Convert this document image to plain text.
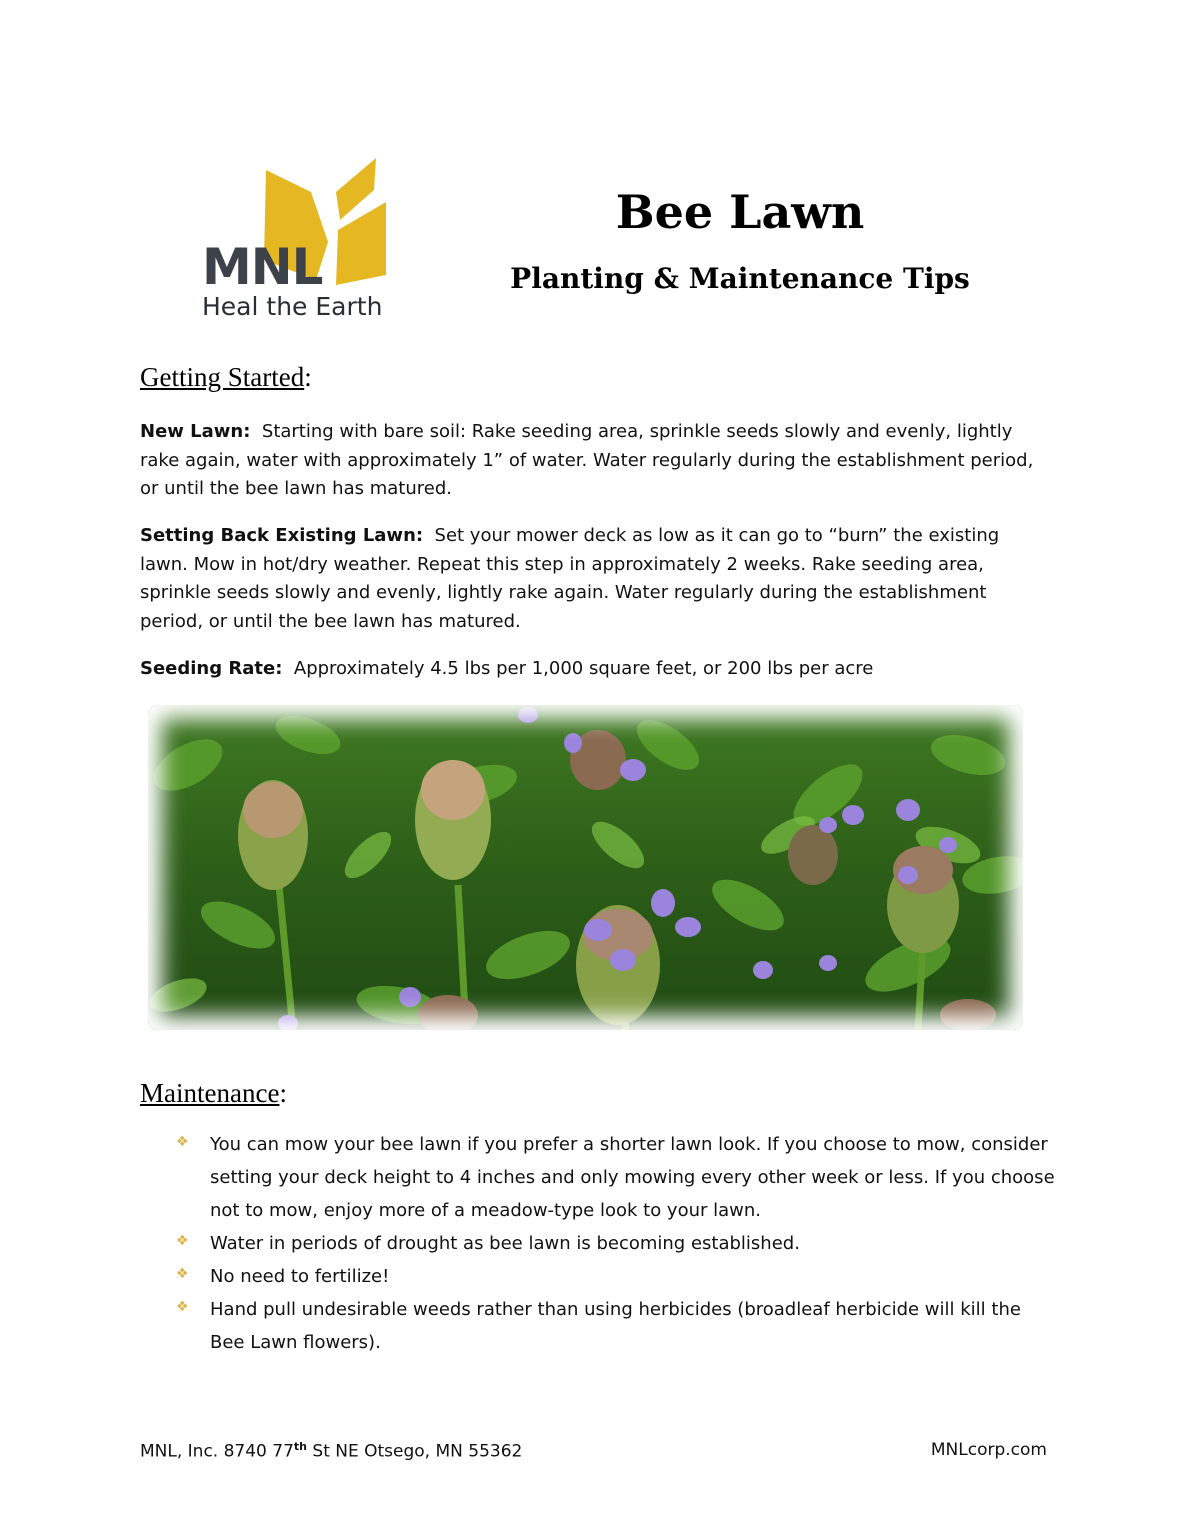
MNL
Heal the Earth
Bee Lawn
Planting & Maintenance Tips
Getting Started:
New Lawn: Starting with bare soil: Rake seeding area, sprinkle seeds slowly and evenly, lightly rake again, water with approximately 1” of water. Water regularly during the establishment period, or until the bee lawn has matured.
Setting Back Existing Lawn: Set your mower deck as low as it can go to “burn” the existing lawn. Mow in hot/dry weather. Repeat this step in approximately 2 weeks. Rake seeding area, sprinkle seeds slowly and evenly, lightly rake again. Water regularly during the establishment period, or until the bee lawn has matured.
Seeding Rate: Approximately 4.5 lbs per 1,000 square feet, or 200 lbs per acre
Maintenance:
❖ You can mow your bee lawn if you prefer a shorter lawn look. If you choose to mow, consider setting your deck height to 4 inches and only mowing every other week or less. If you choose not to mow, enjoy more of a meadow-type look to your lawn.
❖ Water in periods of drought as bee lawn is becoming established.
❖ No need to fertilize!
❖ Hand pull undesirable weeds rather than using herbicides (broadleaf herbicide will kill the Bee Lawn flowers).
MNL, Inc. 8740 77th St NE Otsego, MN 55362	MNLcorp.com
